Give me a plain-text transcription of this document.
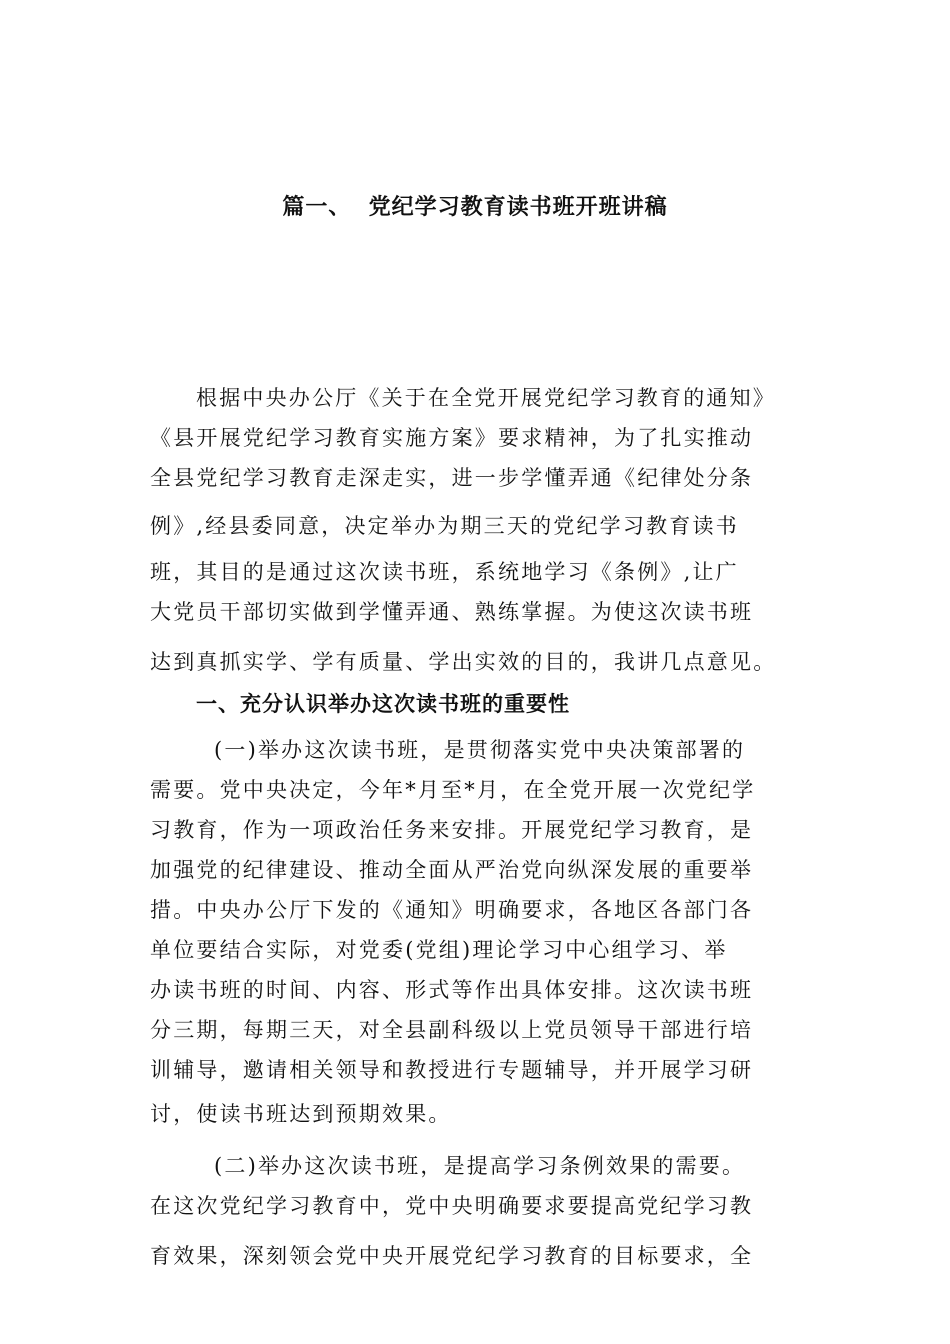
篇一、  党纪学习教育读书班开班讲稿
根据中央办公厅《关于在全党开展党纪学习教育的通知》
《县开展党纪学习教育实施方案》要求精神，为了扎实推动
全县党纪学习教育走深走实，进一步学懂弄通《纪律处分条
例》,经县委同意，决定举办为期三天的党纪学习教育读书
班，其目的是通过这次读书班，系统地学习《条例》,让广
大党员干部切实做到学懂弄通、熟练掌握。为使这次读书班
达到真抓实学、学有质量、学出实效的目的，我讲几点意见。
一、充分认识举办这次读书班的重要性
(一)举办这次读书班，是贯彻落实党中央决策部署的
需要。党中央决定，今年*月至*月，在全党开展一次党纪学
习教育，作为一项政治任务来安排。开展党纪学习教育，是
加强党的纪律建设、推动全面从严治党向纵深发展的重要举
措。中央办公厅下发的《通知》明确要求，各地区各部门各
单位要结合实际，对党委(党组)理论学习中心组学习、举
办读书班的时间、内容、形式等作出具体安排。这次读书班
分三期，每期三天，对全县副科级以上党员领导干部进行培
训辅导，邀请相关领导和教授进行专题辅导，并开展学习研
讨，使读书班达到预期效果。
(二)举办这次读书班，是提高学习条例效果的需要。
在这次党纪学习教育中，党中央明确要求要提高党纪学习教
育效果，深刻领会党中央开展党纪学习教育的目标要求，全
